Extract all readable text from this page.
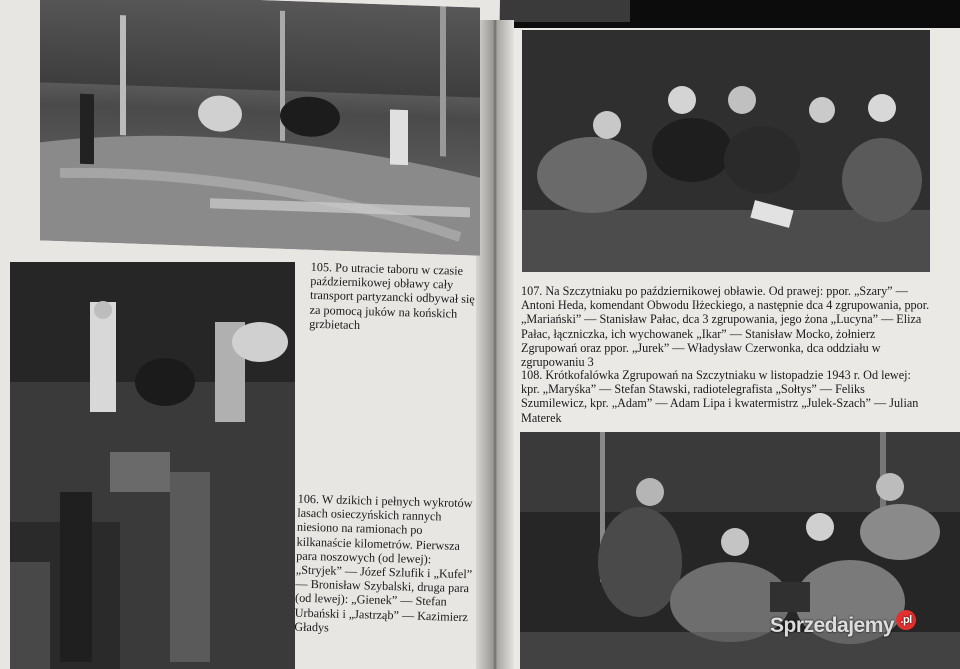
105. Po utracie taboru w czasie październikowej obławy cały transport partyzancki odbywał się za pomocą juków na końskich grzbietach

106. W dzikich i pełnych wykrotów lasach osieczyńskich rannych niesiono na ramionach po kilkanaście kilometrów. Pierwsza para noszowych (od lewej): „Stryjek” — Józef Szlufik i „Kufel” — Bronisław Szybalski, druga para (od lewej): „Gienek” — Stefan Urbański i „Jastrząb” — Kazimierz Gładys

107. Na Szczytniaku po październikowej obławie. Od prawej: ppor. „Szary” — Antoni Heda, komendant Obwodu Iłżeckiego, a następnie dca 4 zgrupowania, ppor. „Mariański” — Stanisław Pałac, dca 3 zgrupowania, jego żona „Lucyna” — Eliza Pałac, łączniczka, ich wychowanek „Ikar” — Stanisław Mocko, żołnierz Zgrupowań oraz ppor. „Jurek” — Władysław Czerwonka, dca oddziału w zgrupowaniu 3

108. Krótkofalówka Zgrupowań na Szczytniaku w listopadzie 1943 r. Od lewej: kpr. „Maryśka” — Stefan Stawski, radiotelegrafista „Sołtys” — Feliks Szumilewicz, kpr. „Adam” — Adam Lipa i kwatermistrz „Julek-Szach” — Julian Materek

Sprzedajemy .pl
